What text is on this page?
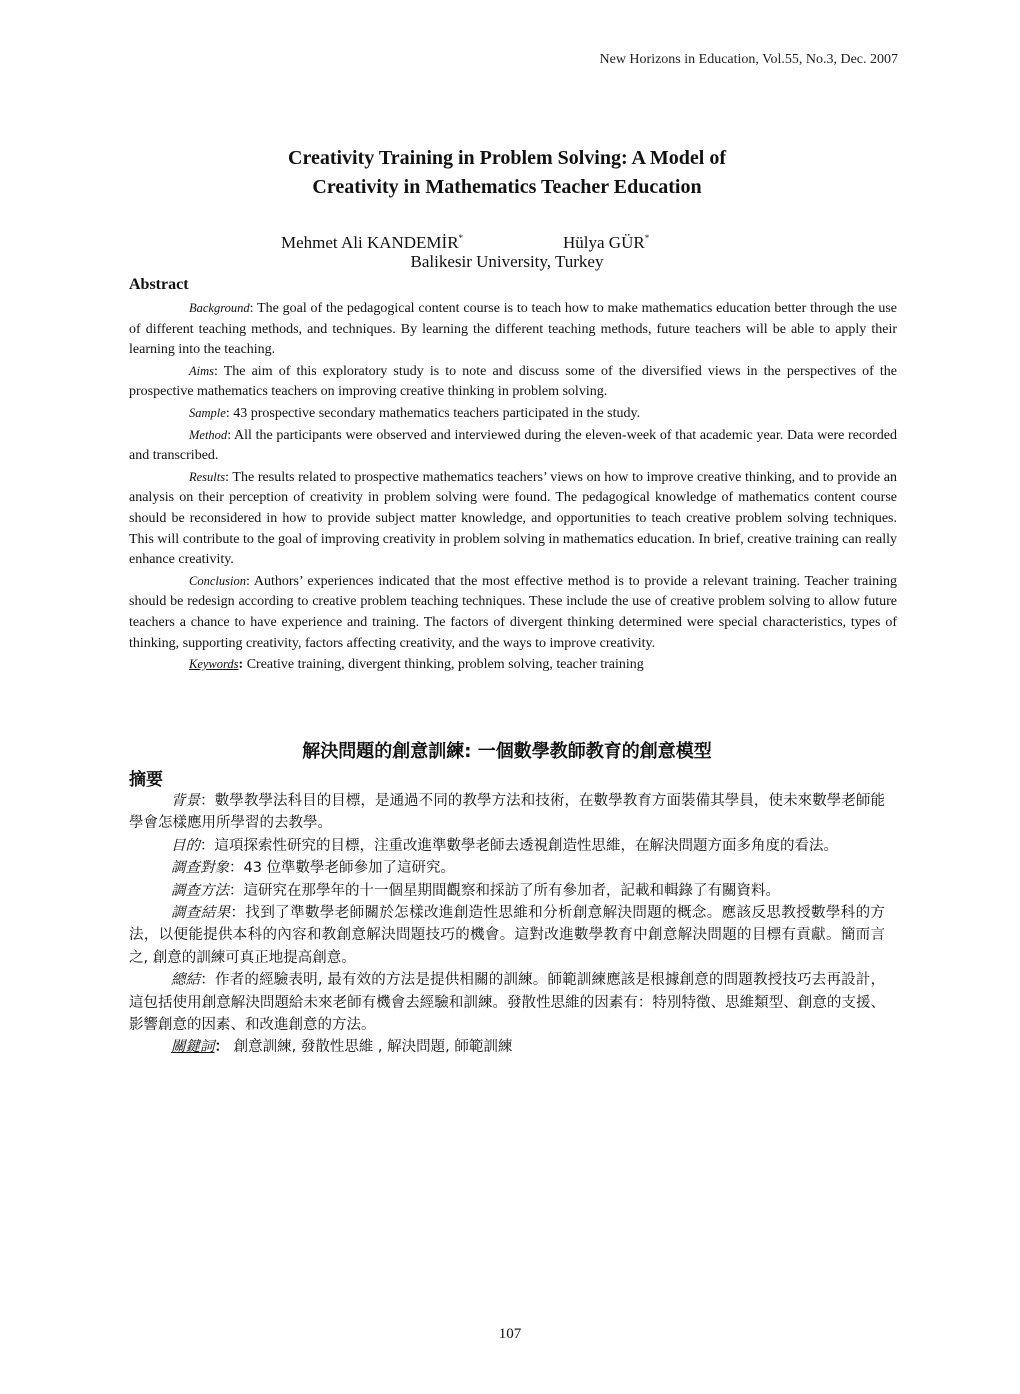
New Horizons in Education, Vol.55, No.3, Dec. 2007
Creativity Training in Problem Solving: A Model of
Creativity in Mathematics Teacher Education
Mehmet Ali KANDEMİR*	Hülya GÜR*
Balikesir University, Turkey
Abstract

Background: The goal of the pedagogical content course is to teach how to make mathematics education better through the use of different teaching methods, and techniques. By learning the different teaching methods, future teachers will be able to apply their learning into the teaching.

Aims: The aim of this exploratory study is to note and discuss some of the diversified views in the perspectives of the prospective mathematics teachers on improving creative thinking in problem solving.

Sample: 43 prospective secondary mathematics teachers participated in the study.

Method: All the participants were observed and interviewed during the eleven-week of that academic year. Data were recorded and transcribed.

Results: The results related to prospective mathematics teachers’ views on how to improve creative thinking, and to provide an analysis on their perception of creativity in problem solving were found. The pedagogical knowledge of mathematics content course should be reconsidered in how to provide subject matter knowledge, and opportunities to teach creative problem solving techniques. This will contribute to the goal of improving creativity in problem solving in mathematics education. In brief, creative training can really enhance creativity.

Conclusion: Authors’ experiences indicated that the most effective method is to provide a relevant training. Teacher training should be redesign according to creative problem teaching techniques. These include the use of creative problem solving to allow future teachers a chance to have experience and training. The factors of divergent thinking determined were special characteristics, types of thinking, supporting creativity, factors affecting creativity, and the ways to improve creativity.

Keywords: Creative training, divergent thinking, problem solving, teacher training

解決問題的創意訓練: 一個數學教師教育的創意模型
摘要

背景：數學教學法科目的目標，是通過不同的教學方法和技術，在數學教育方面裝備其學員，使未來數學老師能學會怎樣應用所學習的去教學。

目的：這項探索性研究的目標，注重改進準數學老師去透視創造性思維，在解決問題方面多角度的看法。

調查對象：43 位準數學老師參加了這研究。

調查方法：這研究在那學年的十一個星期間觀察和採訪了所有參加者，記載和輯錄了有關資料。

調查結果：找到了準數學老師關於怎樣改進創造性思維和分析創意解決問題的概念。應該反思教授數學科的方法，以便能提供本科的內容和教創意解決問題技巧的機會。這對改進數學教育中創意解決問題的目標有貢獻。簡而言之, 創意的訓練可真正地提高創意。

總結：作者的經驗表明, 最有效的方法是提供相關的訓練。師範訓練應該是根據創意的問題教授技巧去再設計，這包括使用創意解決問題給未來老師有機會去經驗和訓練。發散性思維的因素有：特別特徵、思維類型、創意的支援、影響創意的因素、和改進創意的方法。

關鍵詞： 創意訓練, 發散性思維 , 解決問題, 師範訓練

107
